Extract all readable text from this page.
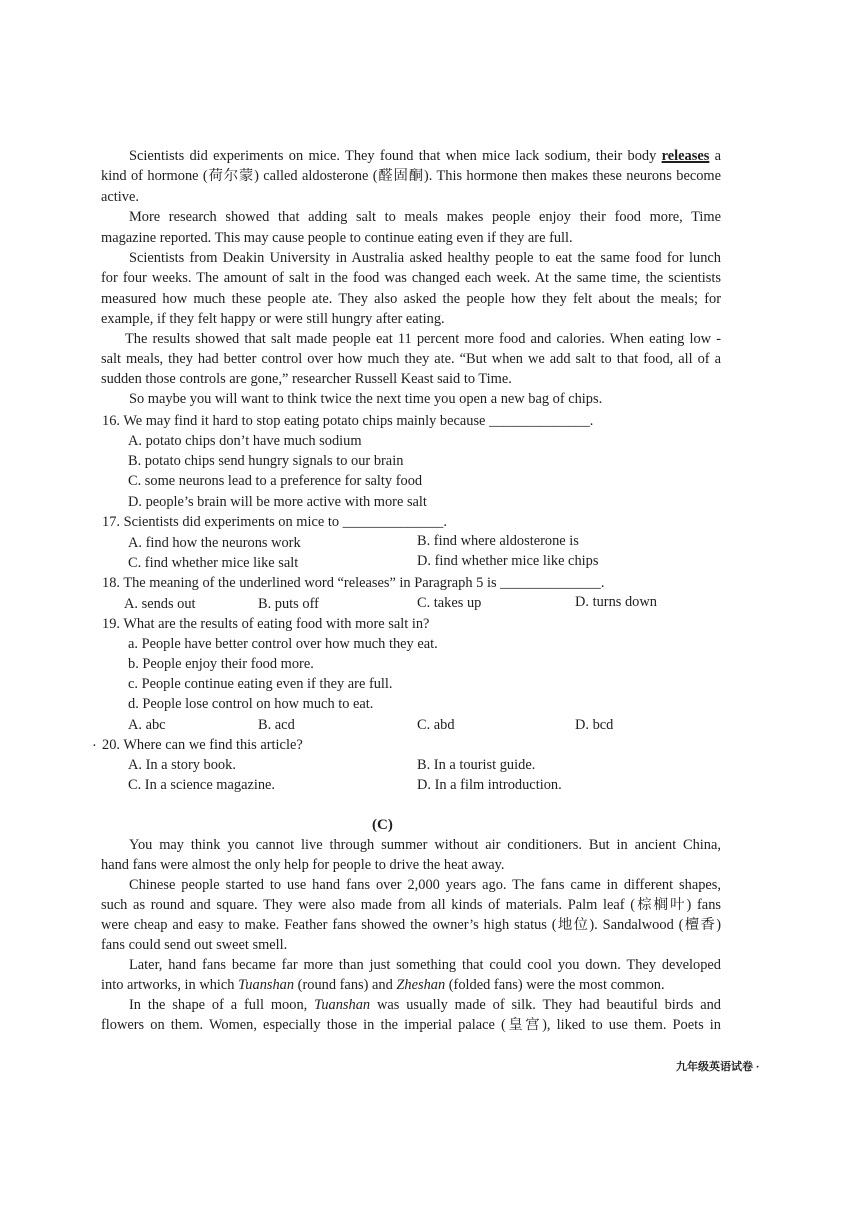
Scientists did experiments on mice. They found that when mice lack sodium, their body releases a
kind of hormone (荷尔蒙) called aldosterone (醛固酮). This hormone then makes these neurons become
active.
More research showed that adding salt to meals makes people enjoy their food more, Time
magazine reported. This may cause people to continue eating even if they are full.
Scientists from Deakin University in Australia asked healthy people to eat the same food for lunch
for four weeks. The amount of salt in the food was changed each week. At the same time, the scientists
measured how much these people ate. They also asked the people how they felt about the meals; for
example, if they felt happy or were still hungry after eating.
The results showed that salt made people eat 11 percent more food and calories. When eating low -
salt meals, they had better control over how much they ate. “But when we add salt to that food, all of a
sudden those controls are gone,” researcher Russell Keast said to Time.
So maybe you will want to think twice the next time you open a new bag of chips.
16. We may find it hard to stop eating potato chips mainly because ______________.
A. potato chips don’t have much sodium
B. potato chips send hungry signals to our brain
C. some neurons lead to a preference for salty food
D. people’s brain will be more active with more salt
17. Scientists did experiments on mice to ______________.
A. find how the neurons work	B. find where aldosterone is
C. find whether mice like salt	D. find whether mice like chips
18. The meaning of the underlined word “releases” in Paragraph 5 is ______________.
A. sends out	B. puts off	C. takes up	D. turns down
19. What are the results of eating food with more salt in?
a. People have better control over how much they eat.
b. People enjoy their food more.
c. People continue eating even if they are full.
d. People lose control on how much to eat.
A. abc	B. acd	C. abd	D. bcd
· 20. Where can we find this article?
A. In a story book.	B. In a tourist guide.
C. In a science magazine.	D. In a film introduction.
(C)
You may think you cannot live through summer without air conditioners. But in ancient China,
hand fans were almost the only help for people to drive the heat away.
Chinese people started to use hand fans over 2,000 years ago. The fans came in different shapes,
such as round and square. They were also made from all kinds of materials. Palm leaf (棕榈叶) fans
were cheap and easy to make. Feather fans showed the owner’s high status (地位). Sandalwood (檀香)
fans could send out sweet smell.
Later, hand fans became far more than just something that could cool you down. They developed
into artworks, in which Tuanshan (round fans) and Zheshan (folded fans) were the most common.
In the shape of a full moon, Tuanshan was usually made of silk. They had beautiful birds and
flowers on them. Women, especially those in the imperial palace (皇宫), liked to use them. Poets in
九年级英语试卷 ·
